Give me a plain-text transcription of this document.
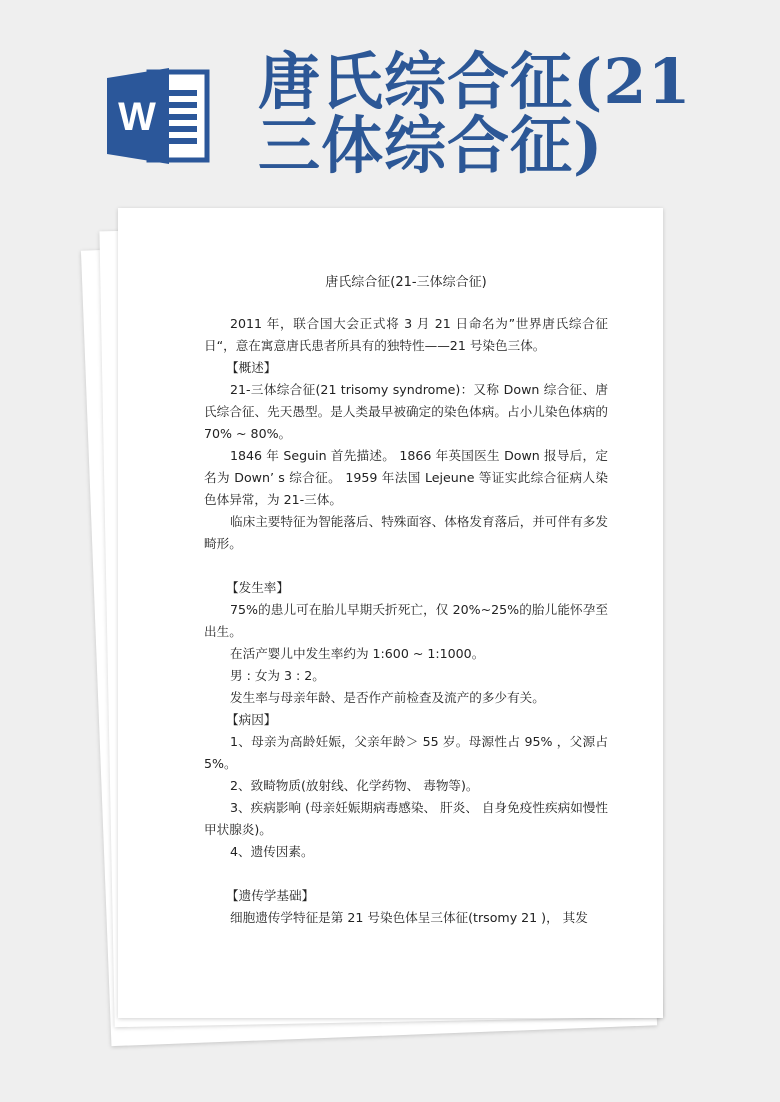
W 唐氏综合征(21
三体综合征)

唐氏综合征(21-三体综合征)

2011 年，联合国大会正式将 3 月 21 日命名为”世界唐氏综合征日“，意在寓意唐氏患者所具有的独特性——21 号染色三体。

【概述】

21-三体综合征(21 trisomy syndrome)：又称 Down 综合征、唐氏综合征、先天愚型。是人类最早被确定的染色体病。占小儿染色体病的 70% ~ 80%。

1846 年 Seguin 首先描述。 1866 年英国医生 Down 报导后，定名为 Down’ s 综合征。 1959 年法国 Lejeune 等证实此综合征病人染色体异常，为 21-三体。

临床主要特征为智能落后、特殊面容、体格发育落后，并可伴有多发畸形。

【发生率】

75%的患儿可在胎儿早期夭折死亡，仅 20%~25%的胎儿能怀孕至出生。

在活产婴儿中发生率约为 1:600 ~ 1:1000。

男 : 女为 3 : 2。

发生率与母亲年龄、是否作产前检查及流产的多少有关。

【病因】

1、母亲为高龄妊娠，父亲年龄＞ 55 岁。母源性占 95% ，父源占5%。

2、致畸物质(放射线、化学药物、 毒物等)。

3、疾病影响 (母亲妊娠期病毒感染、 肝炎、 自身免疫性疾病如慢性甲状腺炎)。

4、遗传因素。

【遗传学基础】

细胞遗传学特征是第 21 号染色体呈三体征(trsomy 21 )， 其发
